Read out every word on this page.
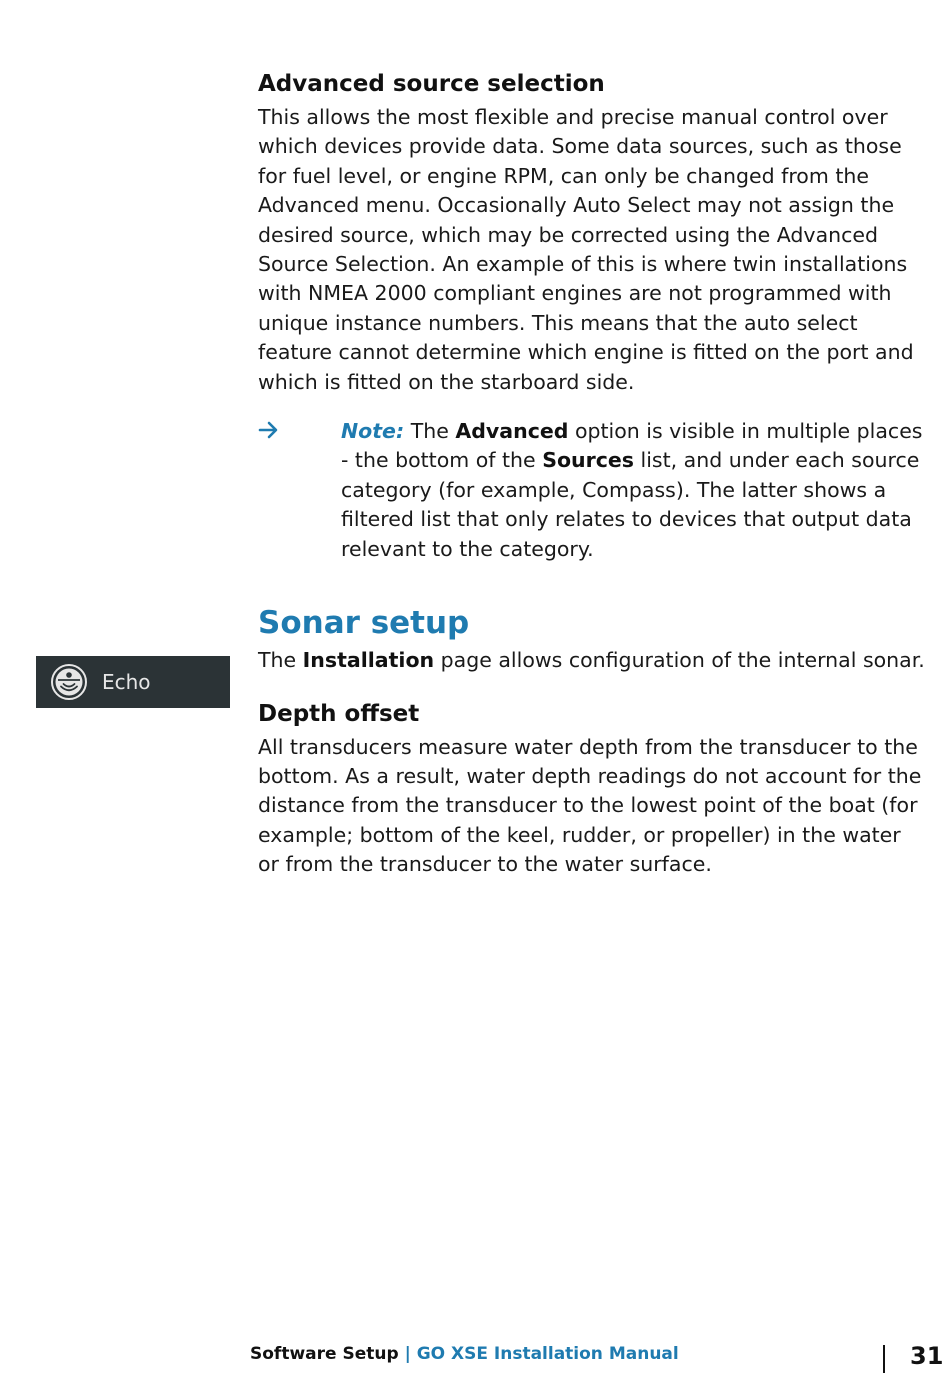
Advanced source selection

This allows the most flexible and precise manual control over which devices provide data. Some data sources, such as those for fuel level, or engine RPM, can only be changed from the Advanced menu. Occasionally Auto Select may not assign the desired source, which may be corrected using the Advanced Source Selection. An example of this is where twin installations with NMEA 2000 compliant engines are not programmed with unique instance numbers. This means that the auto select feature cannot determine which engine is fitted on the port and which is fitted on the starboard side.

Note: The Advanced option is visible in multiple places - the bottom of the Sources list, and under each source category (for example, Compass). The latter shows a filtered list that only relates to devices that output data relevant to the category.
Sonar setup

The Installation page allows configuration of the internal sonar.

Depth offset

All transducers measure water depth from the transducer to the bottom. As a result, water depth readings do not account for the distance from the transducer to the lowest point of the boat (for example; bottom of the keel, rudder, or propeller) in the water or from the transducer to the water surface.

Echo
Software Setup | GO XSE Installation Manual	31
